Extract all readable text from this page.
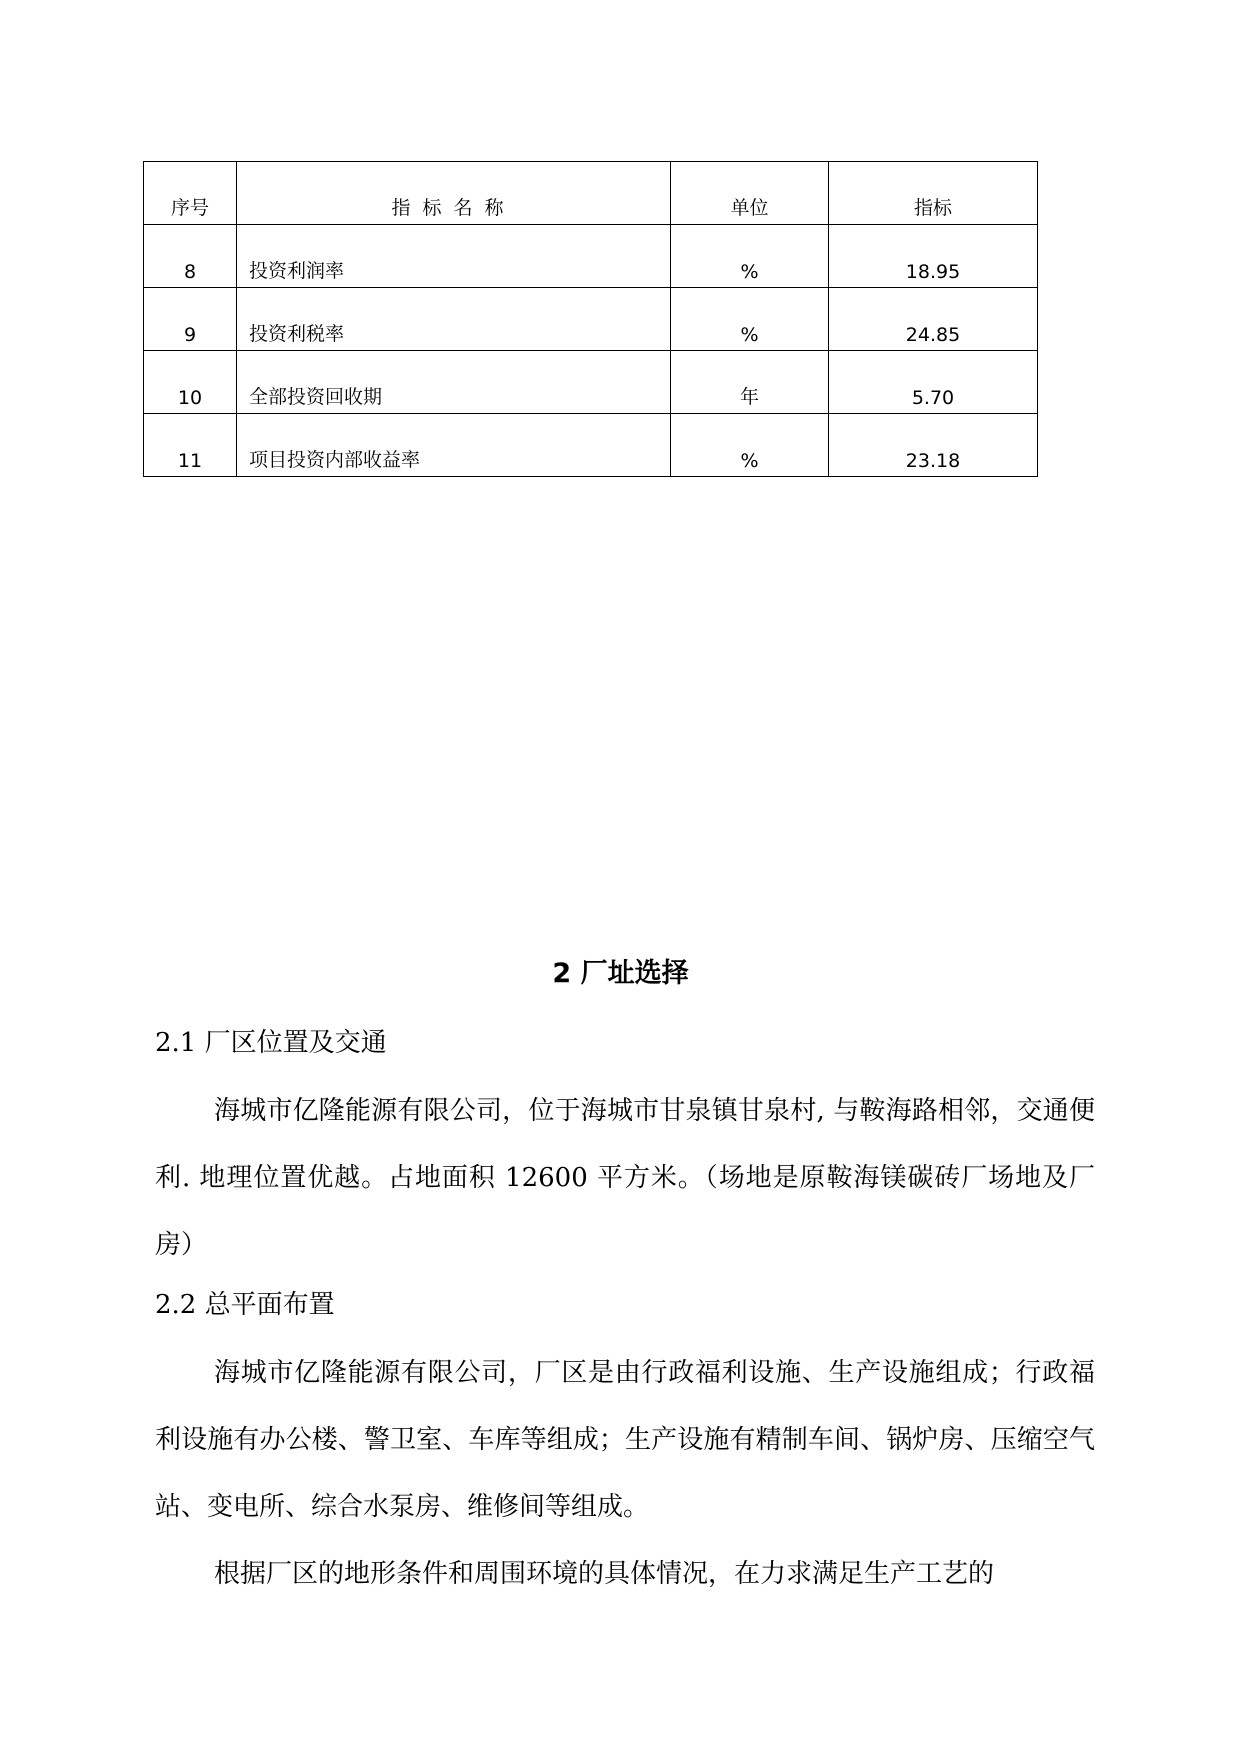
序号	指标名称	单位	指标
8	投资利润率	%	18.95
9	投资利税率	%	24.85
10	全部投资回收期	年	5.70
11	项目投资内部收益率	%	23.18
2 厂址选择
2.1 厂区位置及交通

海城市亿隆能源有限公司，位于海城市甘泉镇甘泉村, 与鞍海路相邻，交通便利. 地理位置优越。占地面积 12600 平方米。（场地是原鞍海镁碳砖厂场地及厂房）

2.2 总平面布置

海城市亿隆能源有限公司，厂区是由行政福利设施、生产设施组成；行政福利设施有办公楼、警卫室、车库等组成；生产设施有精制车间、锅炉房、压缩空气站、变电所、综合水泵房、维修间等组成。

根据厂区的地形条件和周围环境的具体情况，在力求满足生产工艺的
